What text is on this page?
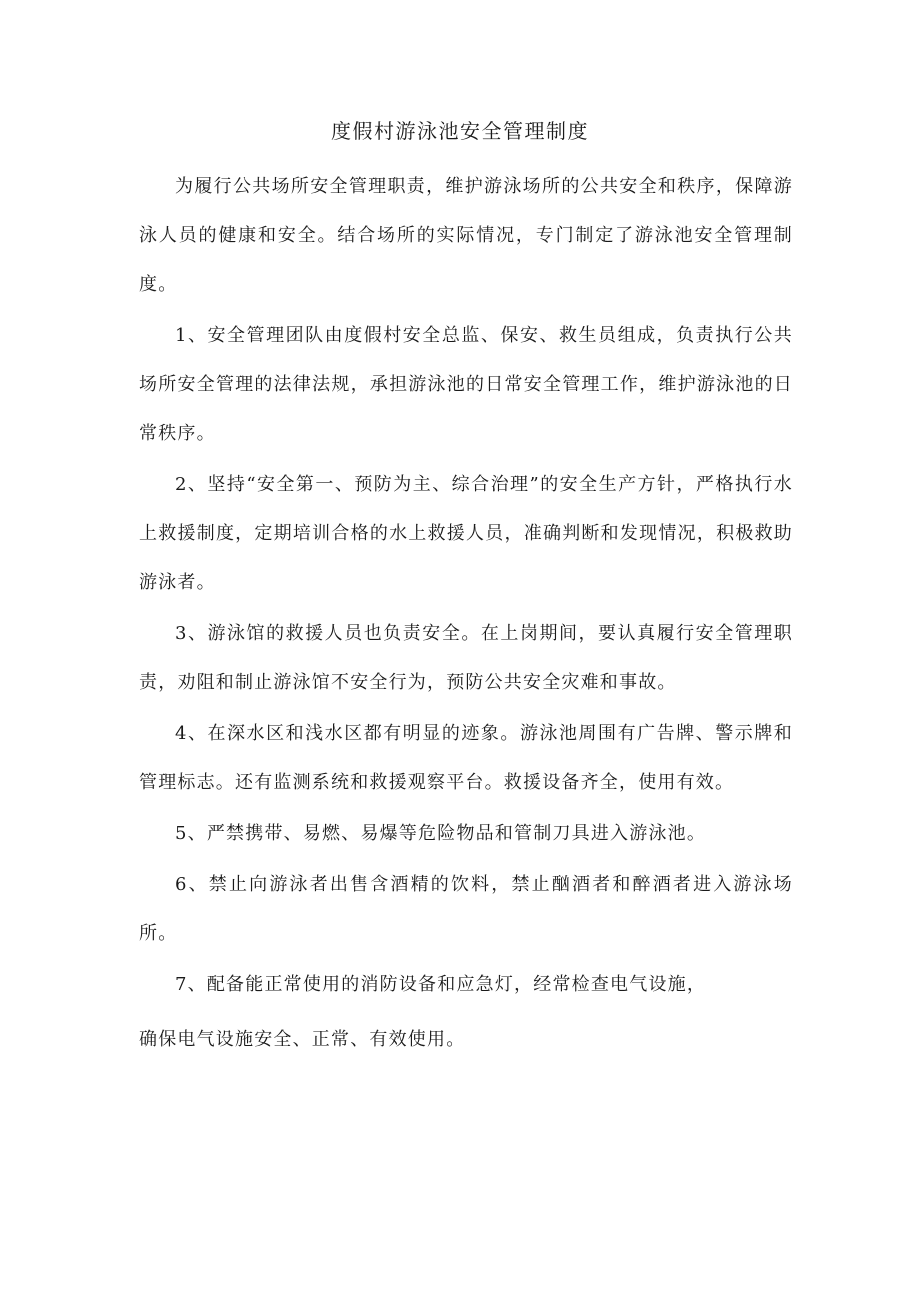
度假村游泳池安全管理制度

为履行公共场所安全管理职责，维护游泳场所的公共安全和秩序，保障游泳人员的健康和安全。结合场所的实际情况，专门制定了游泳池安全管理制度。

1、安全管理团队由度假村安全总监、保安、救生员组成，负责执行公共场所安全管理的法律法规，承担游泳池的日常安全管理工作，维护游泳池的日常秩序。

2、坚持“安全第一、预防为主、综合治理”的安全生产方针，严格执行水上救援制度，定期培训合格的水上救援人员，准确判断和发现情况，积极救助游泳者。

3、游泳馆的救援人员也负责安全。在上岗期间，要认真履行安全管理职责，劝阻和制止游泳馆不安全行为，预防公共安全灾难和事故。

4、在深水区和浅水区都有明显的迹象。游泳池周围有广告牌、警示牌和管理标志。还有监测系统和救援观察平台。救援设备齐全，使用有效。

5、严禁携带、易燃、易爆等危险物品和管制刀具进入游泳池。

6、禁止向游泳者出售含酒精的饮料，禁止酗酒者和醉酒者进入游泳场所。

7、配备能正常使用的消防设备和应急灯，经常检查电气设施，

确保电气设施安全、正常、有效使用。
